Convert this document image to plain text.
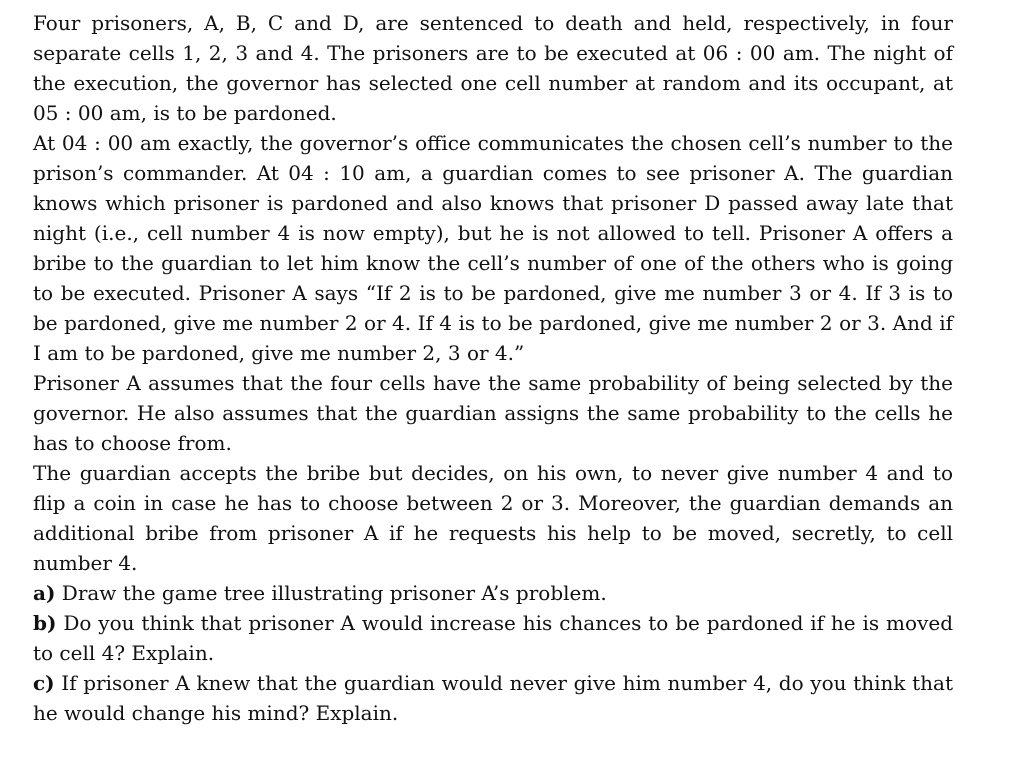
Four prisoners, A, B, C and D, are sentenced to death and held, respectively, in four separate cells 1, 2, 3 and 4. The prisoners are to be executed at 06 : 00 am. The night of the execution, the governor has selected one cell number at random and its occupant, at 05 : 00 am, is to be pardoned.

At 04 : 00 am exactly, the governor’s office communicates the chosen cell’s number to the prison’s commander. At 04 : 10 am, a guardian comes to see prisoner A. The guardian knows which prisoner is pardoned and also knows that prisoner D passed away late that night (i.e., cell number 4 is now empty), but he is not allowed to tell. Prisoner A offers a bribe to the guardian to let him know the cell’s number of one of the others who is going to be executed. Prisoner A says “If 2 is to be pardoned, give me number 3 or 4. If 3 is to be pardoned, give me number 2 or 4. If 4 is to be pardoned, give me number 2 or 3. And if I am to be pardoned, give me number 2, 3 or 4.”

Prisoner A assumes that the four cells have the same probability of being selected by the governor. He also assumes that the guardian assigns the same probability to the cells he has to choose from.

The guardian accepts the bribe but decides, on his own, to never give number 4 and to flip a coin in case he has to choose between 2 or 3. Moreover, the guardian demands an additional bribe from prisoner A if he requests his help to be moved, secretly, to cell number 4.

a) Draw the game tree illustrating prisoner A’s problem.

b) Do you think that prisoner A would increase his chances to be pardoned if he is moved to cell 4? Explain.

c) If prisoner A knew that the guardian would never give him number 4, do you think that he would change his mind? Explain.
